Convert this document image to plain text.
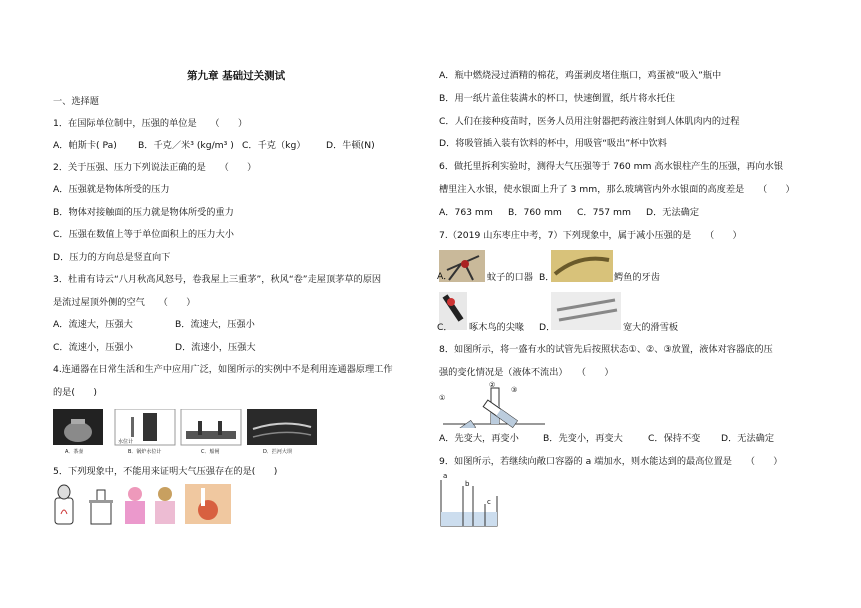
第九章 基础过关测试
一、选择题
1．在国际单位制中，压强的单位是　　（　　）
A．帕斯卡( Pa) B．千克／米³ (kg/m³ ) C．千克（kg） D．牛顿(N)
2．关于压强、压力下列说法正确的是　　（　　）
A．压强就是物体所受的压力
B．物体对接触面的压力就是物体所受的重力
C．压强在数值上等于单位面积上的压力大小
D．压力的方向总是竖直向下
3．杜甫有诗云“八月秋高风怒号，卷我屋上三重茅”，秋风“卷”走屋顶茅草的原因
是流过屋顶外侧的空气　　（　　）
A．流速大，压强大	B．流速大，压强小
C．流速小，压强小	D．流速小，压强大
4.连通器在日常生活和生产中应用广泛，如图所示的实例中不是利用连通器原理工作
的是(　　)
水位计
A．茶壶	B．锅炉水位计	C．船闸	D．拦河大坝
5．下列现象中，不能用来证明大气压强存在的是(　　)
A．瓶中燃烧浸过酒精的棉花，鸡蛋剥皮堵住瓶口，鸡蛋被“吸入”瓶中
B．用一纸片盖住装满水的杯口，快速倒置，纸片将水托住
C．人们在接种疫苗时，医务人员用注射器把药液注射到人体肌肉内的过程
D．将吸管插入装有饮料的杯中，用吸管“吸出”杯中饮料
6．做托里拆利实验时，测得大气压强等于 760 mm 高水银柱产生的压强，再向水银
槽里注入水银，使水银面上升了 3 mm，那么玻璃管内外水银面的高度差是　　（　　）
A．763 mm B．760 mm C．757 mm D．无法确定
7.（2019 山东枣庄中考，7）下列现象中，属于减小压强的是　　（　　）
A．	蚊子的口器 B．	鳄鱼的牙齿
C． 啄木鸟的尖喙 D．	宽大的滑雪板
8．如图所示，将一盛有水的试管先后按照状态①、②、③放置，液体对容器底的压
强的变化情况是（液体不流出）　　（　　）
①
②
③
A．先变大，再变小	B．先变小，再变大	C．保持不变 D．无法确定
9．如图所示，若继续向敞口容器的 a 端加水，则水能达到的最高位置是　　（　　）
a
b
c
